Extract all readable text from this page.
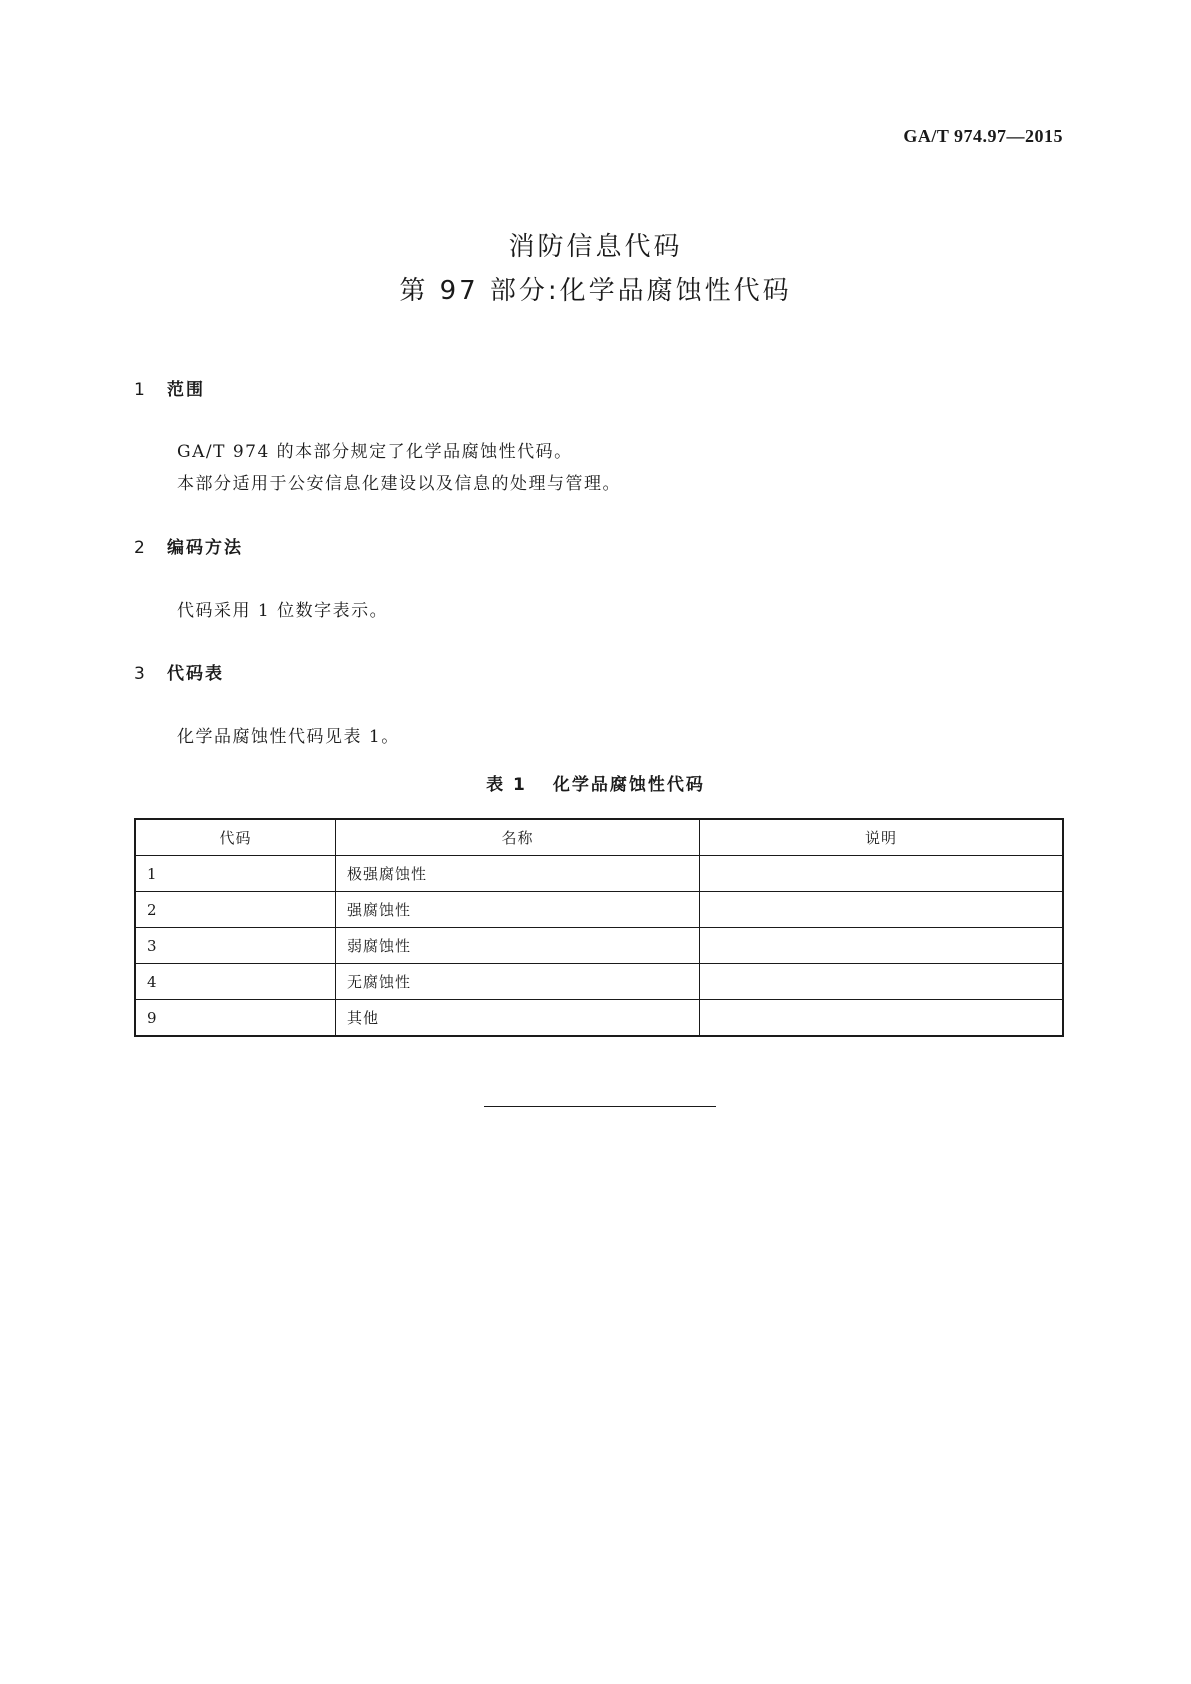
GA/T 974.97—2015
消防信息代码
第 97 部分:化学品腐蚀性代码
1 范围
GA/T 974 的本部分规定了化学品腐蚀性代码。
本部分适用于公安信息化建设以及信息的处理与管理。
2 编码方法
代码采用 1 位数字表示。
3 代码表
化学品腐蚀性代码见表 1。
表 1 化学品腐蚀性代码
代码	名称	说明
1	极强腐蚀性	
2	强腐蚀性	
3	弱腐蚀性	
4	无腐蚀性	
9	其他	
